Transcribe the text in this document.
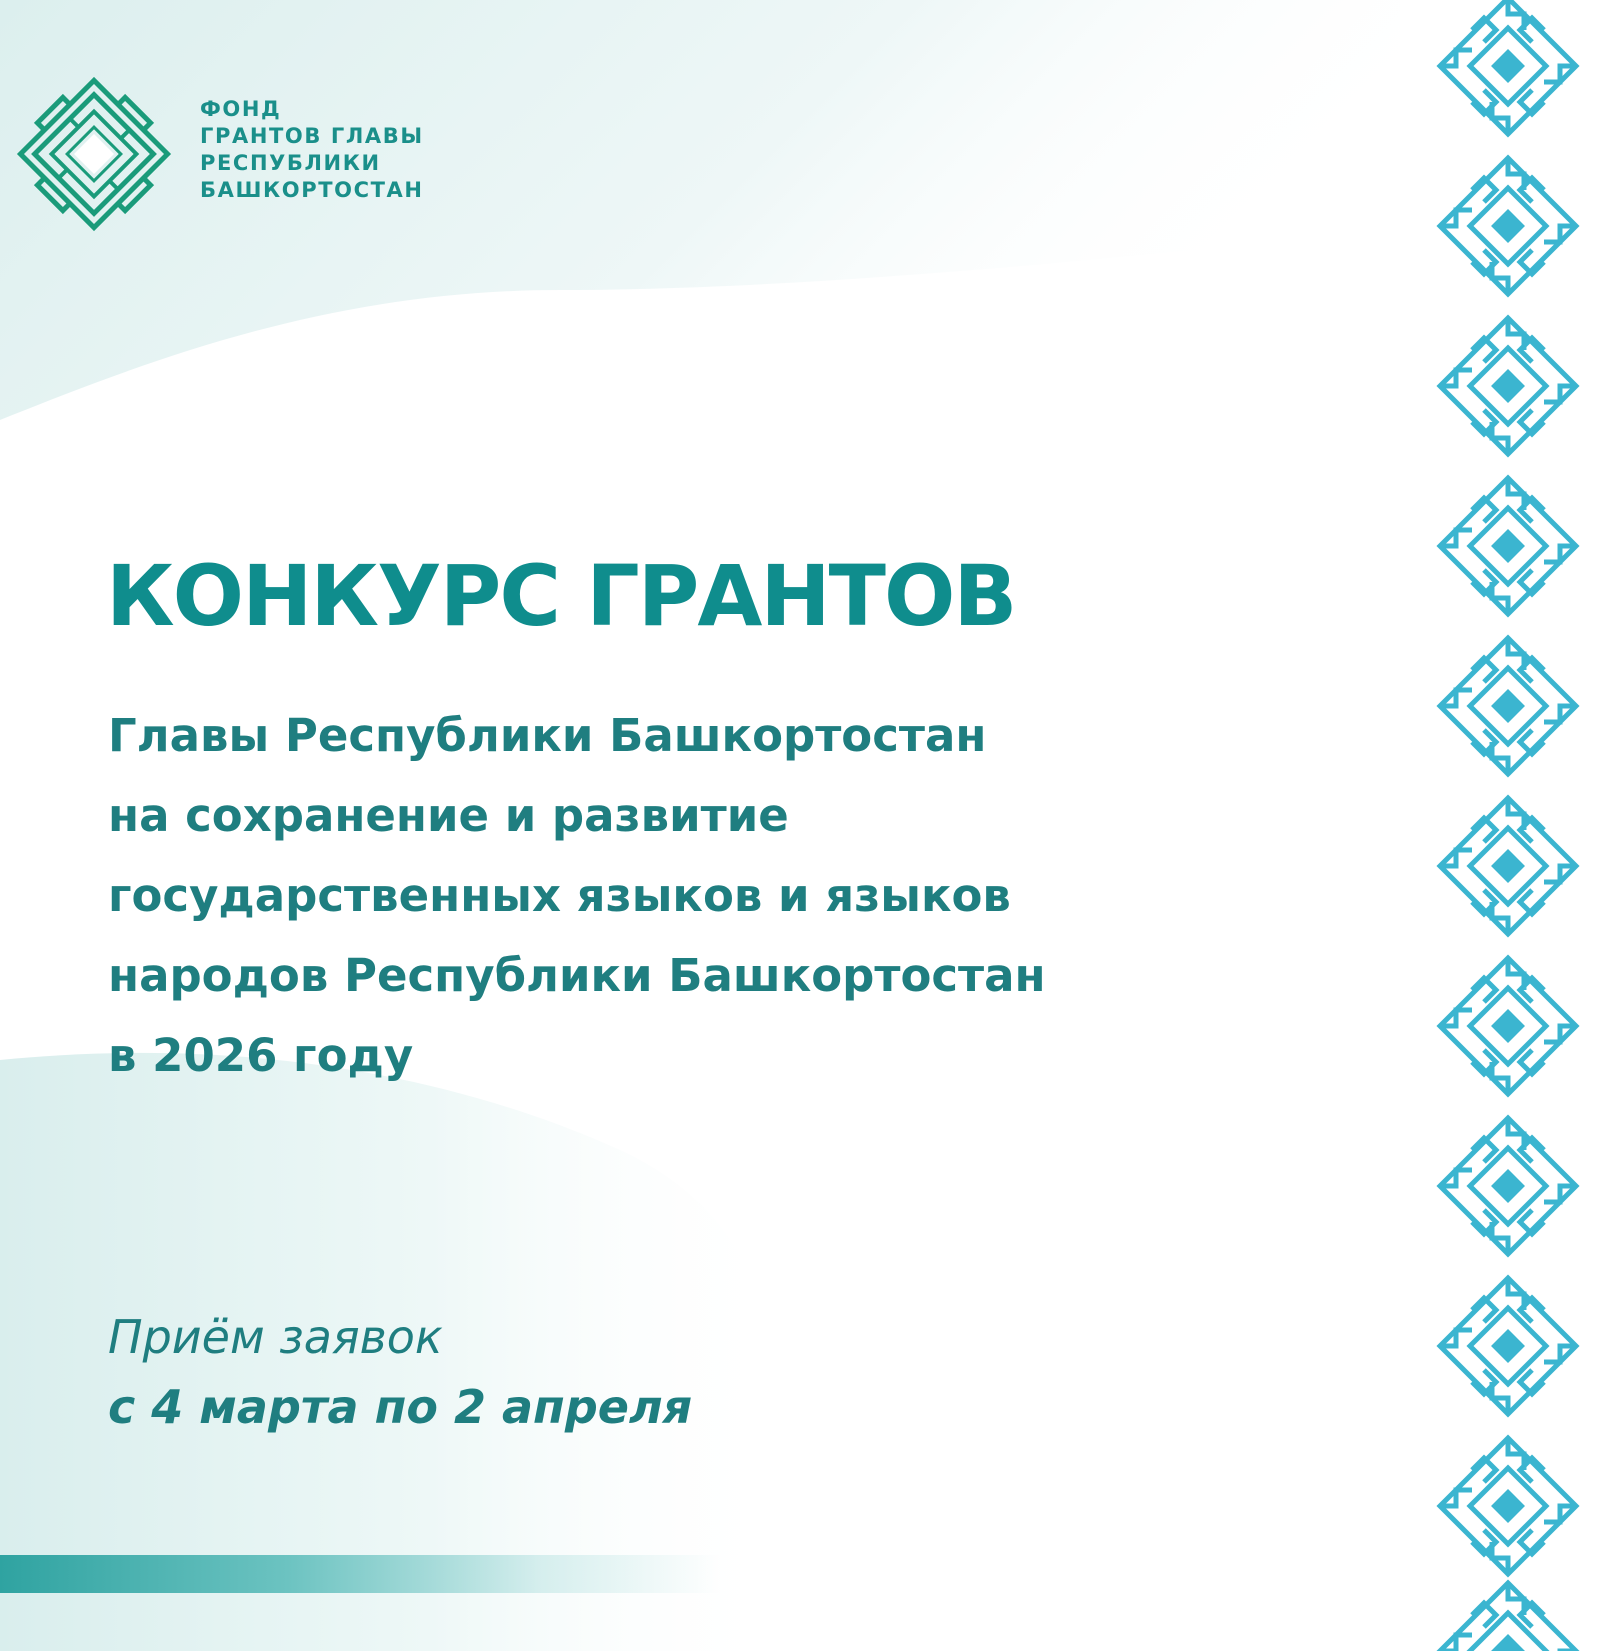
ФОНД
ГРАНТОВ ГЛАВЫ
РЕСПУБЛИКИ
БАШКОРТОСТАН
КОНКУРС ГРАНТОВ
Главы Республики Башкортостан
на сохранение и развитие
государственных языков и языков
народов Республики Башкортостан
в 2026 году
Приём заявок
с 4 марта по 2 апреля
